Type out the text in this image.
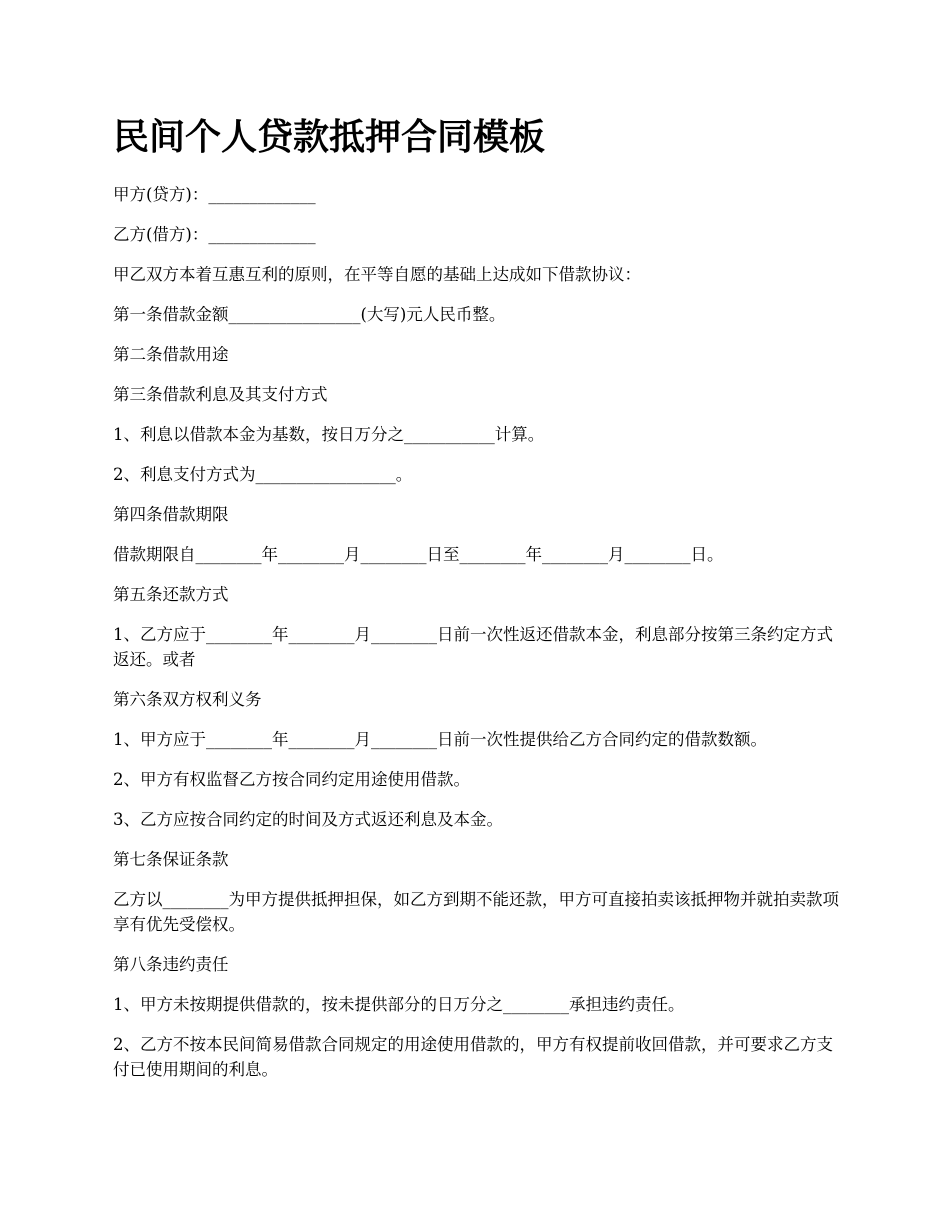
民间个人贷款抵押合同模板

甲方(贷方)：_____________

乙方(借方)：_____________

甲乙双方本着互惠互利的原则，在平等自愿的基础上达成如下借款协议：

第一条借款金额________________(大写)元人民币整。

第二条借款用途

第三条借款利息及其支付方式

1、利息以借款本金为基数，按日万分之___________计算。

2、利息支付方式为_________________。

第四条借款期限

借款期限自________年________月________日至________年________月________日。

第五条还款方式

1、乙方应于________年________月________日前一次性返还借款本金，利息部分按第三条约定方式返还。或者

第六条双方权利义务

1、甲方应于________年________月________日前一次性提供给乙方合同约定的借款数额。

2、甲方有权监督乙方按合同约定用途使用借款。

3、乙方应按合同约定的时间及方式返还利息及本金。

第七条保证条款

乙方以________为甲方提供抵押担保，如乙方到期不能还款，甲方可直接拍卖该抵押物并就拍卖款项享有优先受偿权。

第八条违约责任

1、甲方未按期提供借款的，按未提供部分的日万分之________承担违约责任。

2、乙方不按本民间简易借款合同规定的用途使用借款的，甲方有权提前收回借款，并可要求乙方支付已使用期间的利息。
